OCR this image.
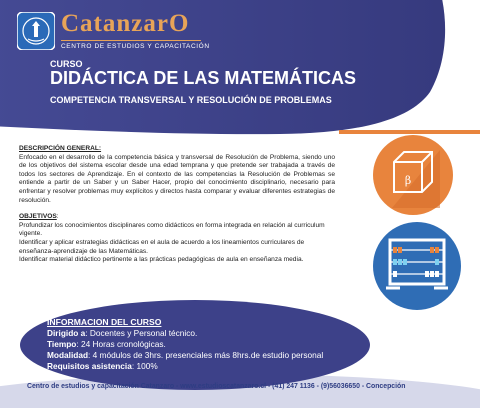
β
CatanzarO
CENTRO DE ESTUDIOS Y CAPACITACIÓN
CURSO
DIDÁCTICA DE LAS MATEMÁTICAS
COMPETENCIA TRANSVERSAL Y RESOLUCIÓN DE PROBLEMAS

DESCRIPCIÓN GENERAL:

Enfocado en el desarrollo de la competencia básica y transversal de Resolución de Problema, siendo uno de los objetivos del sistema escolar desde una edad temprana y que pretende ser trabajada a través de todos los sectores de Aprendizaje. En el contexto de las competencias la Resolución de Problemas se entiende a partir de un Saber y un Saber Hacer, propio del conocimiento disciplinario, necesario para enfrentar y resolver problemas muy explícitos y directos hasta comparar y evaluar diferentes estrategias de resolución.

OBJETIVOS:

Profundizar los conocimientos disciplinares como didácticos en forma integrada en relación al curriculum vigente.

Identificar y aplicar estrategias didácticas en el aula de acuerdo a los lineamientos curriculares de enseñanza-aprendizaje de las Matemáticas.

Identificar material didáctico pertinente a las prácticas pedagógicas de aula en enseñanza media.

INFORMACION DEL CURSO
Dirigido a: Docentes y Personal técnico.
Tiempo: 24 Horas cronológicas.
Modalidad: 4 módulos de 3hrs. presenciales más 8hrs.de estudio personal
Requisitos asistencia: 100%
Centro de estudios y capacitación Catanzaro - www.estudioscatanzaro.cl - (41) 247 1136 - (9)56036650 - Concepción
